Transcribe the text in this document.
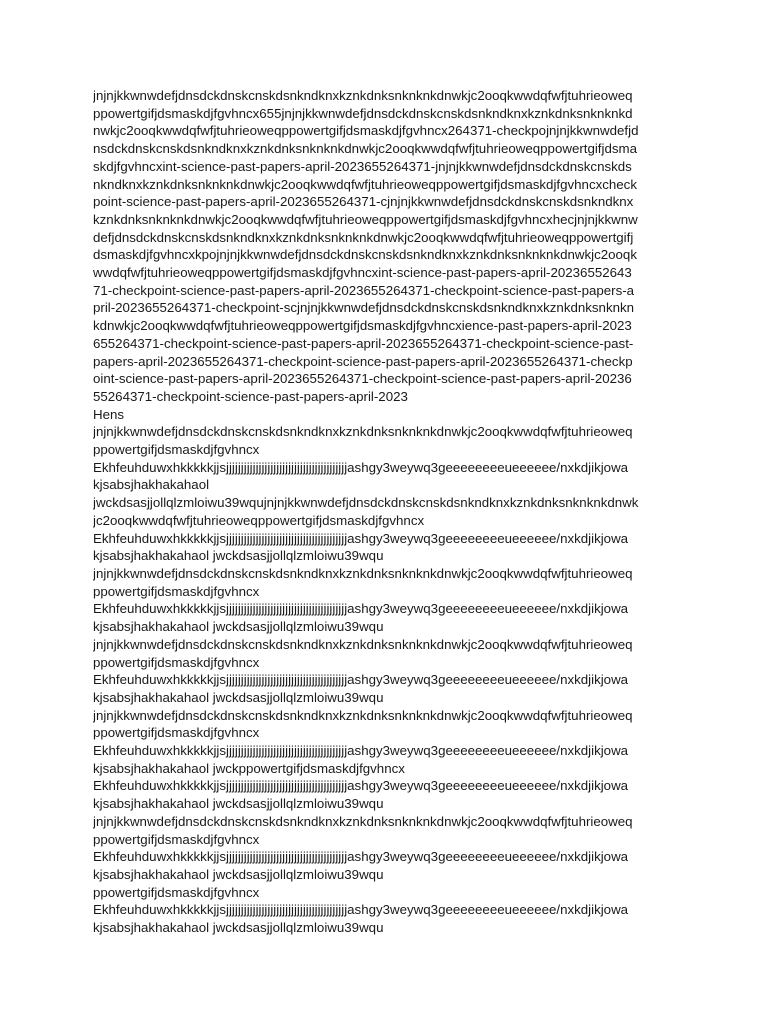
jnjnjkkwnwdefjdnsdckdnskcnskdsnkndknxkznkdnksnknknkdnwkjc2ooqkwwdqfwfjtuhrieoweq
ppowertgifjdsmaskdjfgvhncx655jnjnjkkwnwdefjdnsdckdnskcnskdsnkndknxkznkdnksnknknkd
nwkjc2ooqkwwdqfwfjtuhrieoweqppowertgifjdsmaskdjfgvhncx264371-checkpojnjnjkkwnwdefjd
nsdckdnskcnskdsnkndknxkznkdnksnknknkdnwkjc2ooqkwwdqfwfjtuhrieoweqppowertgifjdsma
skdjfgvhncxint-science-past-papers-april-2023655264371-jnjnjkkwnwdefjdnsdckdnskcnskds
nkndknxkznkdnksnknknkdnwkjc2ooqkwwdqfwfjtuhrieoweqppowertgifjdsmaskdjfgvhncxcheck
point-science-past-papers-april-2023655264371-cjnjnjkkwnwdefjdnsdckdnskcnskdsnkndknx
kznkdnksnknknkdnwkjc2ooqkwwdqfwfjtuhrieoweqppowertgifjdsmaskdjfgvhncxhecjnjnjkkwnw
defjdnsdckdnskcnskdsnkndknxkznkdnksnknknkdnwkjc2ooqkwwdqfwfjtuhrieoweqppowertgifj
dsmaskdjfgvhncxkpojnjnjkkwnwdefjdnsdckdnskcnskdsnkndknxkznkdnksnknknkdnwkjc2ooqk
wwdqfwfjtuhrieoweqppowertgifjdsmaskdjfgvhncxint-science-past-papers-april-20236552643
71-checkpoint-science-past-papers-april-2023655264371-checkpoint-science-past-papers-a
pril-2023655264371-checkpoint-scjnjnjkkwnwdefjdnsdckdnskcnskdsnkndknxkznkdnksnknkn
kdnwkjc2ooqkwwdqfwfjtuhrieoweqppowertgifjdsmaskdjfgvhncxience-past-papers-april-2023
655264371-checkpoint-science-past-papers-april-2023655264371-checkpoint-science-past-
papers-april-2023655264371-checkpoint-science-past-papers-april-2023655264371-checkp
oint-science-past-papers-april-2023655264371-checkpoint-science-past-papers-april-20236
55264371-checkpoint-science-past-papers-april-2023
Hens
jnjnjkkwnwdefjdnsdckdnskcnskdsnkndknxkznkdnksnknknkdnwkjc2ooqkwwdqfwfjtuhrieoweq
ppowertgifjdsmaskdjfgvhncx
Ekhfeuhduwxhkkkkkjjsjjjjjjjjjjjjjjjjjjjjjjjjjjjjjjjjjjjjjjjjjashgy3weywq3geeeeeeeeueeeeee/nxkdjikjowa
kjsabsjhakhakahaol
jwckdsasjjollqlzmloiwu39wqujnjnjkkwnwdefjdnsdckdnskcnskdsnkndknxkznkdnksnknknkdnwk
jc2ooqkwwdqfwfjtuhrieoweqppowertgifjdsmaskdjfgvhncx
Ekhfeuhduwxhkkkkkjjsjjjjjjjjjjjjjjjjjjjjjjjjjjjjjjjjjjjjjjjjjashgy3weywq3geeeeeeeeueeeeee/nxkdjikjowa
kjsabsjhakhakahaol jwckdsasjjollqlzmloiwu39wqu
jnjnjkkwnwdefjdnsdckdnskcnskdsnkndknxkznkdnksnknknkdnwkjc2ooqkwwdqfwfjtuhrieoweq
ppowertgifjdsmaskdjfgvhncx
Ekhfeuhduwxhkkkkkjjsjjjjjjjjjjjjjjjjjjjjjjjjjjjjjjjjjjjjjjjjjashgy3weywq3geeeeeeeeueeeeee/nxkdjikjowa
kjsabsjhakhakahaol jwckdsasjjollqlzmloiwu39wqu
jnjnjkkwnwdefjdnsdckdnskcnskdsnkndknxkznkdnksnknknkdnwkjc2ooqkwwdqfwfjtuhrieoweq
ppowertgifjdsmaskdjfgvhncx
Ekhfeuhduwxhkkkkkjjsjjjjjjjjjjjjjjjjjjjjjjjjjjjjjjjjjjjjjjjjjashgy3weywq3geeeeeeeeueeeeee/nxkdjikjowa
kjsabsjhakhakahaol jwckdsasjjollqlzmloiwu39wqu
jnjnjkkwnwdefjdnsdckdnskcnskdsnkndknxkznkdnksnknknkdnwkjc2ooqkwwdqfwfjtuhrieoweq
ppowertgifjdsmaskdjfgvhncx
Ekhfeuhduwxhkkkkkjjsjjjjjjjjjjjjjjjjjjjjjjjjjjjjjjjjjjjjjjjjjashgy3weywq3geeeeeeeeueeeeee/nxkdjikjowa
kjsabsjhakhakahaol jwckppowertgifjdsmaskdjfgvhncx
Ekhfeuhduwxhkkkkkjjsjjjjjjjjjjjjjjjjjjjjjjjjjjjjjjjjjjjjjjjjjashgy3weywq3geeeeeeeeueeeeee/nxkdjikjowa
kjsabsjhakhakahaol jwckdsasjjollqlzmloiwu39wqu
jnjnjkkwnwdefjdnsdckdnskcnskdsnkndknxkznkdnksnknknkdnwkjc2ooqkwwdqfwfjtuhrieoweq
ppowertgifjdsmaskdjfgvhncx
Ekhfeuhduwxhkkkkkjjsjjjjjjjjjjjjjjjjjjjjjjjjjjjjjjjjjjjjjjjjjashgy3weywq3geeeeeeeeueeeeee/nxkdjikjowa
kjsabsjhakhakahaol jwckdsasjjollqlzmloiwu39wqu
ppowertgifjdsmaskdjfgvhncx
Ekhfeuhduwxhkkkkkjjsjjjjjjjjjjjjjjjjjjjjjjjjjjjjjjjjjjjjjjjjjashgy3weywq3geeeeeeeeueeeeee/nxkdjikjowa
kjsabsjhakhakahaol jwckdsasjjollqlzmloiwu39wqu
